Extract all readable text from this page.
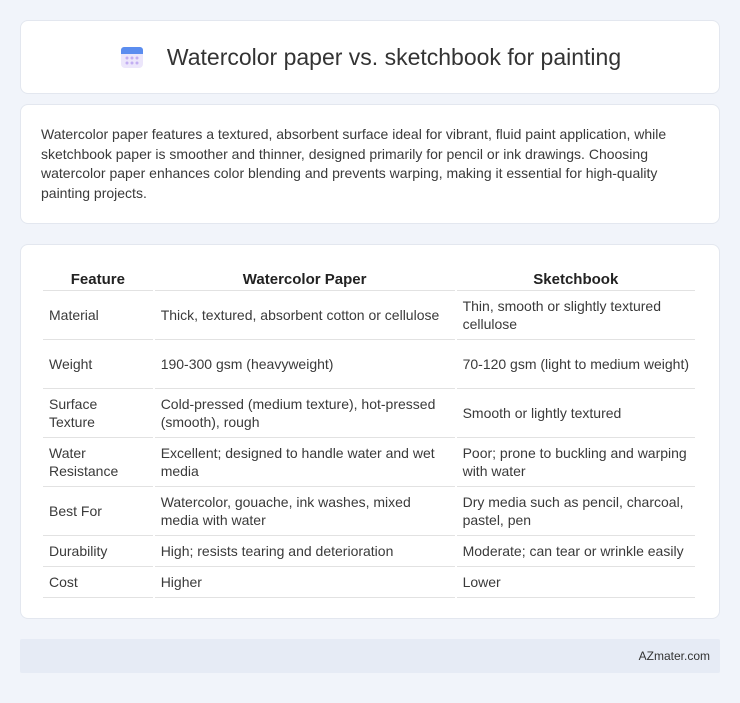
Watercolor paper vs. sketchbook for painting

Watercolor paper features a textured, absorbent surface ideal for vibrant, fluid paint application, while sketchbook paper is smoother and thinner, designed primarily for pencil or ink drawings. Choosing watercolor paper enhances color blending and prevents warping, making it essential for high-quality painting projects.

Feature	Watercolor Paper	Sketchbook
Material	Thick, textured, absorbent cotton or cellulose	Thin, smooth or slightly textured cellulose
Weight	190-300 gsm (heavyweight)	70-120 gsm (light to medium weight)
Surface Texture	Cold-pressed (medium texture), hot-pressed (smooth), rough	Smooth or lightly textured
Water Resistance	Excellent; designed to handle water and wet media	Poor; prone to buckling and warping with water
Best For	Watercolor, gouache, ink washes, mixed media with water	Dry media such as pencil, charcoal, pastel, pen
Durability	High; resists tearing and deterioration	Moderate; can tear or wrinkle easily
Cost	Higher	Lower
AZmater.com
